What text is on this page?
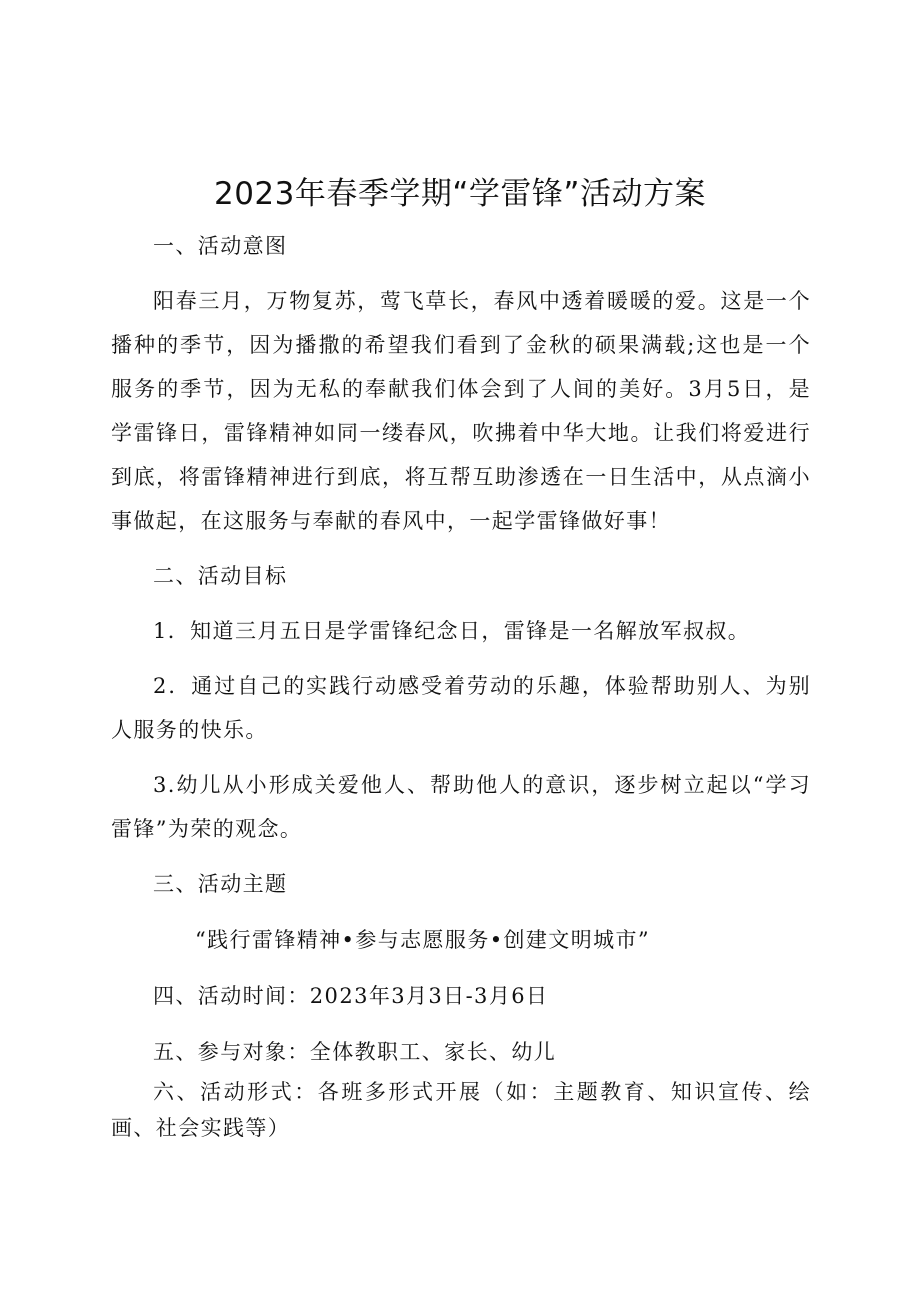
2023年春季学期“学雷锋”活动方案

一、活动意图

阳春三月，万物复苏，莺飞草长，春风中透着暖暖的爱。这是一个播种的季节，因为播撒的希望我们看到了金秋的硕果满载;这也是一个服务的季节，因为无私的奉献我们体会到了人间的美好。3月5日，是学雷锋日，雷锋精神如同一缕春风，吹拂着中华大地。让我们将爱进行到底，将雷锋精神进行到底，将互帮互助渗透在一日生活中，从点滴小事做起，在这服务与奉献的春风中，一起学雷锋做好事！

二、活动目标

1．知道三月五日是学雷锋纪念日，雷锋是一名解放军叔叔。

2．通过自己的实践行动感受着劳动的乐趣，体验帮助别人、为别人服务的快乐。

3.幼儿从小形成关爱他人、帮助他人的意识，逐步树立起以“学习雷锋”为荣的观念。

三、活动主题

“践行雷锋精神•参与志愿服务•创建文明城市”

四、活动时间：2023年3月3日-3月6日

五、参与对象：全体教职工、家长、幼儿

六、活动形式：各班多形式开展（如：主题教育、知识宣传、绘画、社会实践等）
